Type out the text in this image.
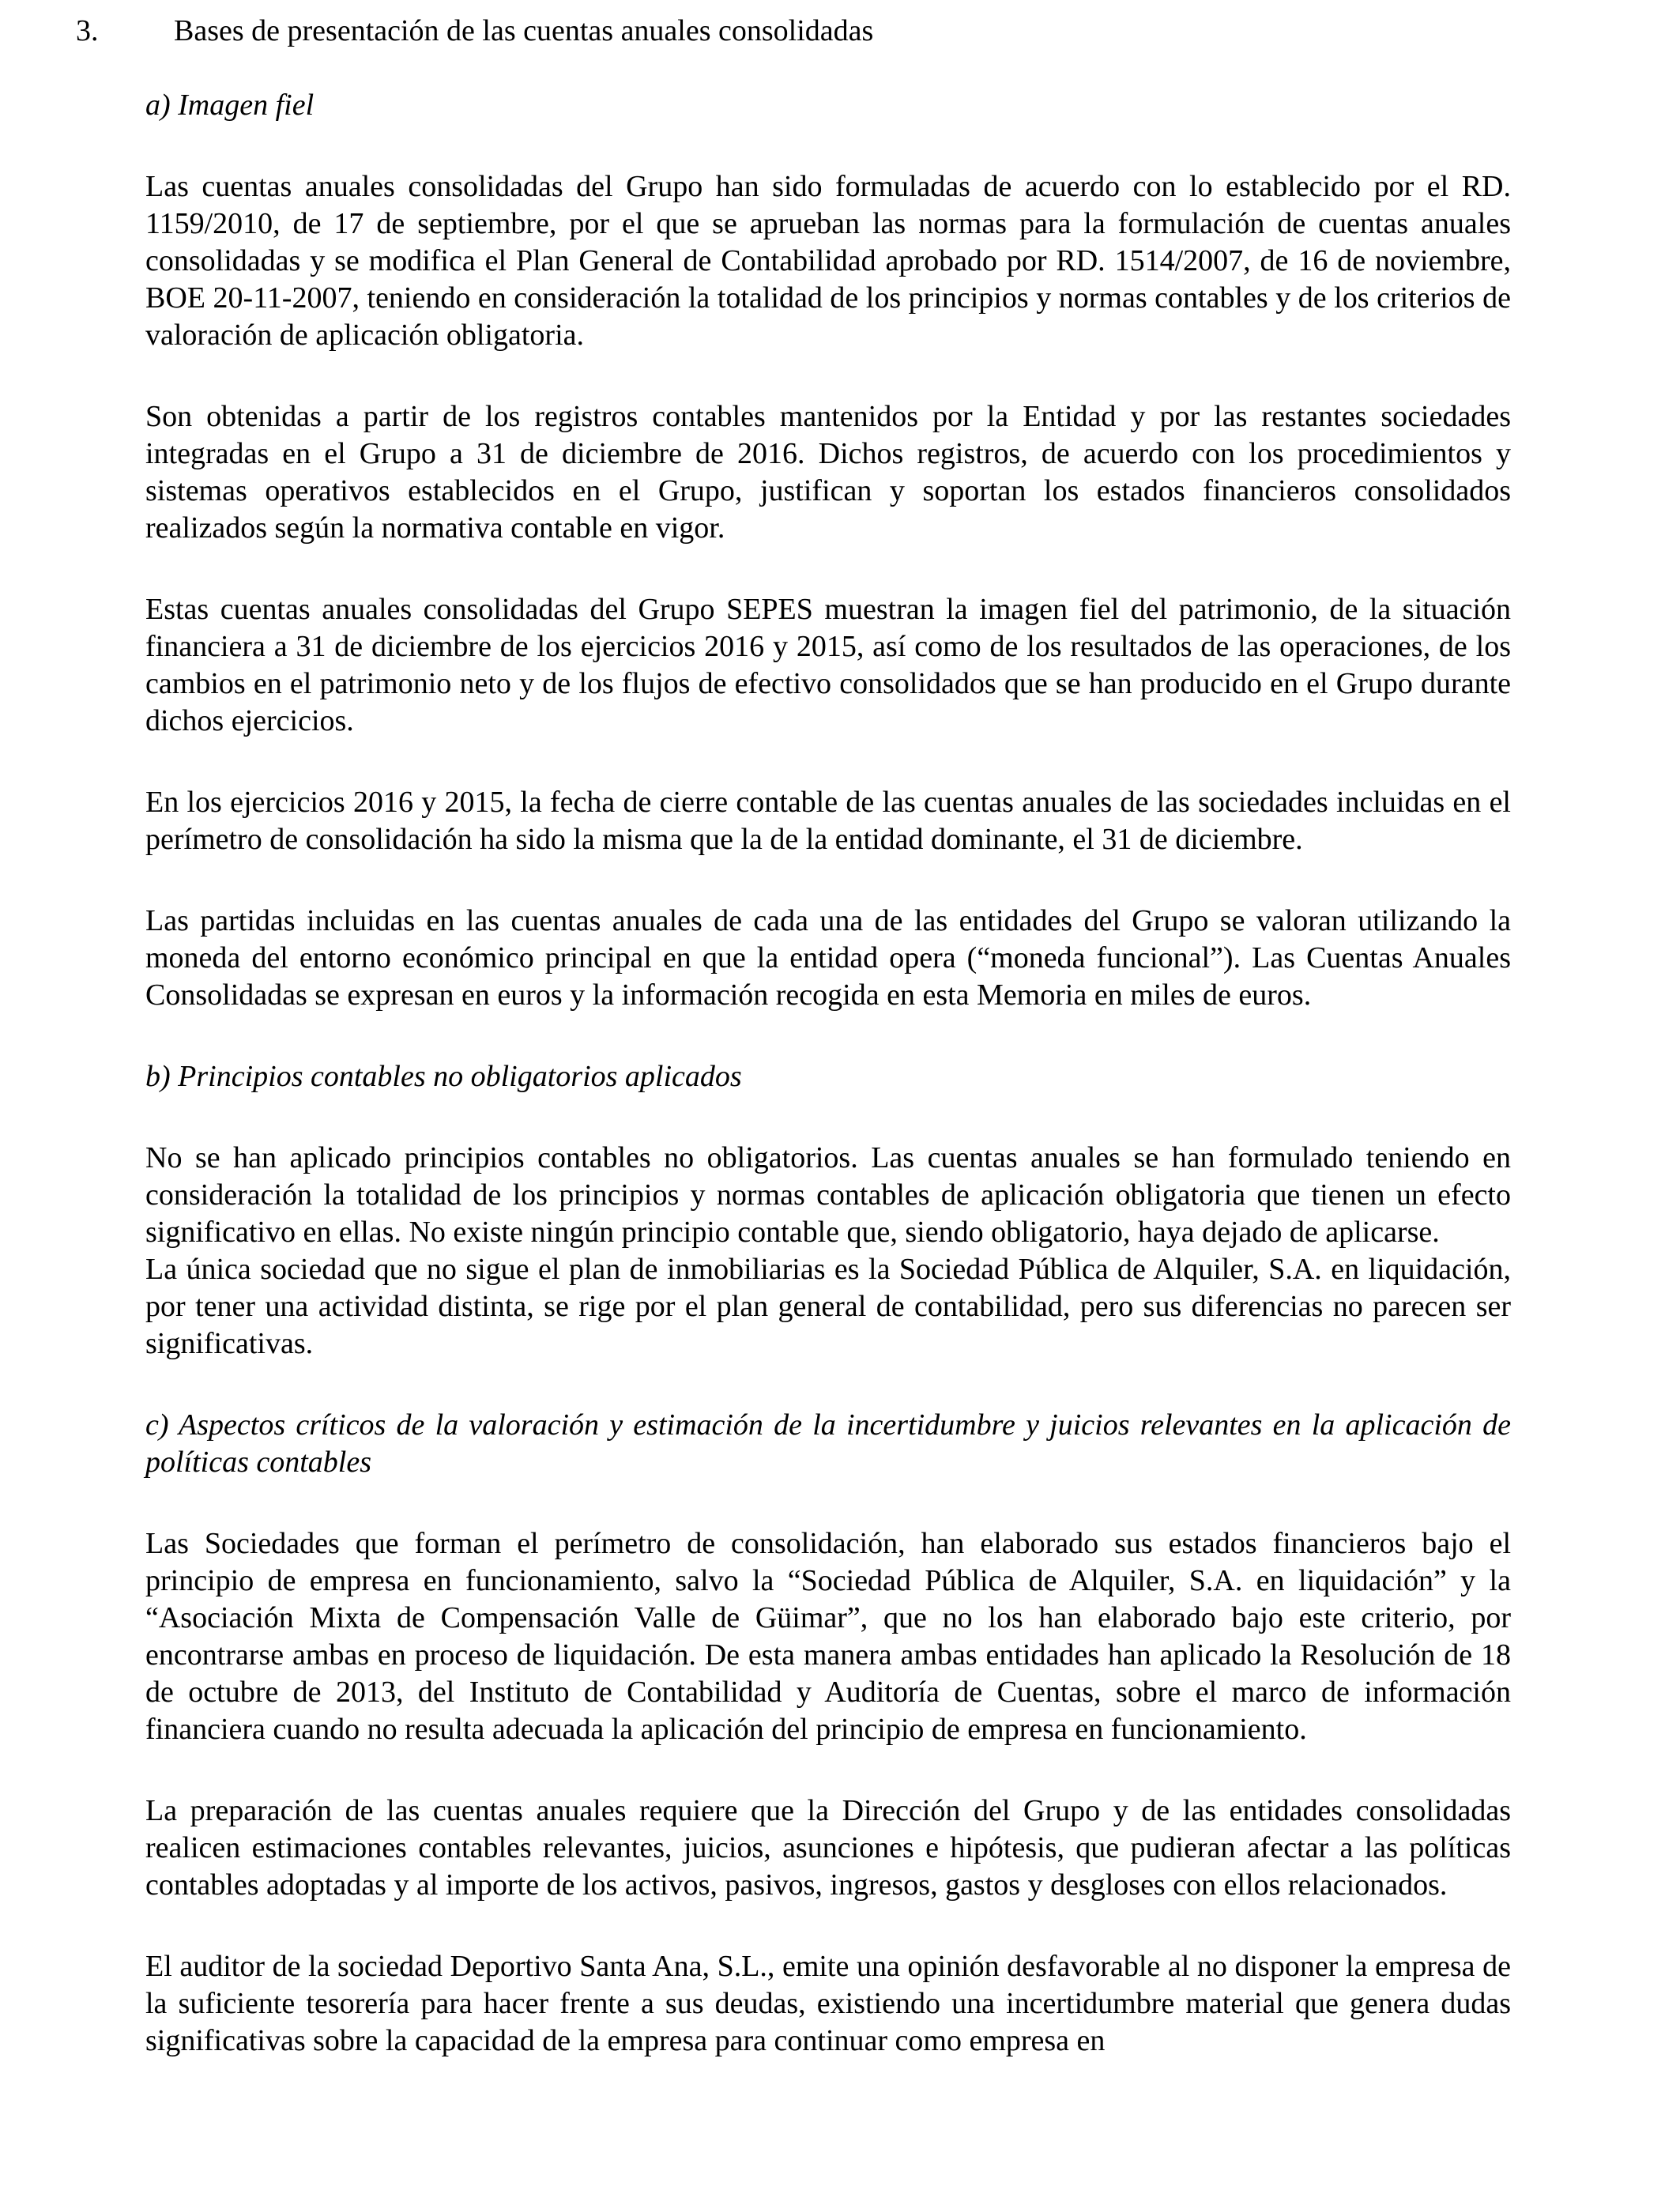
3.	Bases de presentación de las cuentas anuales consolidadas
a) Imagen fiel

Las cuentas anuales consolidadas del Grupo han sido formuladas de acuerdo con lo establecido por el RD. 1159/2010, de 17 de septiembre, por el que se aprueban las normas para la formulación de cuentas anuales consolidadas y se modifica el Plan General de Contabilidad aprobado por RD. 1514/2007, de 16 de noviembre, BOE 20-11-2007, teniendo en consideración la totalidad de los principios y normas contables y de los criterios de valoración de aplicación obligatoria.

Son obtenidas a partir de los registros contables mantenidos por la Entidad y por las restantes sociedades integradas en el Grupo a 31 de diciembre de 2016. Dichos registros, de acuerdo con los procedimientos y sistemas operativos establecidos en el Grupo, justifican y soportan los estados financieros consolidados realizados según la normativa contable en vigor.

Estas cuentas anuales consolidadas del Grupo SEPES muestran la imagen fiel del patrimonio, de la situación financiera a 31 de diciembre de los ejercicios 2016 y 2015, así como de los resultados de las operaciones, de los cambios en el patrimonio neto y de los flujos de efectivo consolidados que se han producido en el Grupo durante dichos ejercicios.

En los ejercicios 2016 y 2015, la fecha de cierre contable de las cuentas anuales de las sociedades incluidas en el perímetro de consolidación ha sido la misma que la de la entidad dominante, el 31 de diciembre.

Las partidas incluidas en las cuentas anuales de cada una de las entidades del Grupo se valoran utilizando la moneda del entorno económico principal en que la entidad opera (“moneda funcional”). Las Cuentas Anuales Consolidadas se expresan en euros y la información recogida en esta Memoria en miles de euros.

b) Principios contables no obligatorios aplicados

No se han aplicado principios contables no obligatorios. Las cuentas anuales se han formulado teniendo en consideración la totalidad de los principios y normas contables de aplicación obligatoria que tienen un efecto significativo en ellas. No existe ningún principio contable que, siendo obligatorio, haya dejado de aplicarse.

La única sociedad que no sigue el plan de inmobiliarias es la Sociedad Pública de Alquiler, S.A. en liquidación, por tener una actividad distinta, se rige por el plan general de contabilidad, pero sus diferencias no parecen ser significativas.

c) Aspectos críticos de la valoración y estimación de la incertidumbre y juicios relevantes en la aplicación de políticas contables

Las Sociedades que forman el perímetro de consolidación, han elaborado sus estados financieros bajo el principio de empresa en funcionamiento, salvo la “Sociedad Pública de Alquiler, S.A. en liquidación” y la “Asociación Mixta de Compensación Valle de Güimar”, que no los han elaborado bajo este criterio, por encontrarse ambas en proceso de liquidación. De esta manera ambas entidades han aplicado la Resolución de 18 de octubre de 2013, del Instituto de Contabilidad y Auditoría de Cuentas, sobre el marco de información financiera cuando no resulta adecuada la aplicación del principio de empresa en funcionamiento.

La preparación de las cuentas anuales requiere que la Dirección del Grupo y de las entidades consolidadas realicen estimaciones contables relevantes, juicios, asunciones e hipótesis, que pudieran afectar a las políticas contables adoptadas y al importe de los activos, pasivos, ingresos, gastos y desgloses con ellos relacionados.

El auditor de la sociedad Deportivo Santa Ana, S.L., emite una opinión desfavorable al no disponer la empresa de la suficiente tesorería para hacer frente a sus deudas, existiendo una incertidumbre material que genera dudas significativas sobre la capacidad de la empresa para continuar como empresa en
